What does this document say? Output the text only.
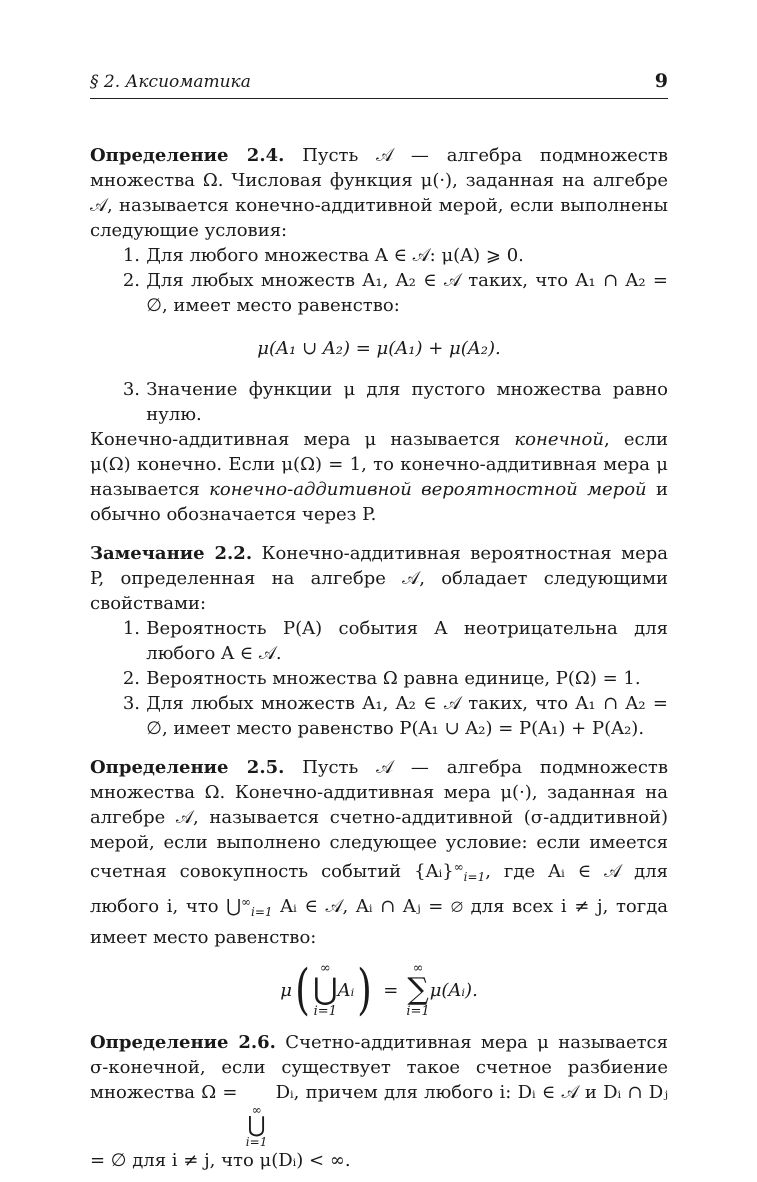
§ 2. Аксиоматика	9

Определение 2.4. Пусть 𝒜 — алгебра подмножеств множества Ω. Числовая функция μ(·), заданная на алгебре 𝒜, называется конечно-аддитивной мерой, если выполнены следующие условия:

1. Для любого множества A ∈ 𝒜: μ(A) ⩾ 0.
2. Для любых множеств A₁, A₂ ∈ 𝒜 таких, что A₁ ∩ A₂ = ∅, имеет место равенство:
μ(A₁ ∪ A₂) = μ(A₁) + μ(A₂).
3. Значение функции μ для пустого множества равно нулю.

Конечно-аддитивная мера μ называется конечной, если μ(Ω) конечно. Если μ(Ω) = 1, то конечно-аддитивная мера μ называется конечно-аддитивной вероятностной мерой и обычно обозначается через P.

Замечание 2.2. Конечно-аддитивная вероятностная мера P, определенная на алгебре 𝒜, обладает следующими свойствами:

1. Вероятность P(A) события A неотрицательна для любого A ∈ 𝒜.
2. Вероятность множества Ω равна единице, P(Ω) = 1.
3. Для любых множеств A₁, A₂ ∈ 𝒜 таких, что A₁ ∩ A₂ = ∅, имеет место равенство P(A₁ ∪ A₂) = P(A₁) + P(A₂).

Определение 2.5. Пусть 𝒜 — алгебра подмножеств множества Ω. Конечно-аддитивная мера μ(·), заданная на алгебре 𝒜, называется счетно-аддитивной (σ-аддитивной) мерой, если выполнено следующее условие: если имеется счетная совокупность событий $\{Aᵢ\}^\infty_{i=1}$, где Aᵢ ∈ 𝒜 для любого i, что $⋃^\infty_{i=1}$ Aᵢ ∈ 𝒜, Aᵢ ∩ Aⱼ = ∅ для всех i ≠ j, тогда имеет место равенство:

μ ( ∞
⋃
i=1
Aᵢ ) =
∞
∑
i=1
μ(Aᵢ).

Определение 2.6. Счетно-аддитивная мера μ называется σ-конечной, если существует такое счетное разбиение множества Ω =
∞
⋃
i=1
Dᵢ, причем для любого i: Dᵢ ∈ 𝒜 и Dᵢ ∩ Dⱼ = ∅ для i ≠ j, что μ(Dᵢ) < ∞.
